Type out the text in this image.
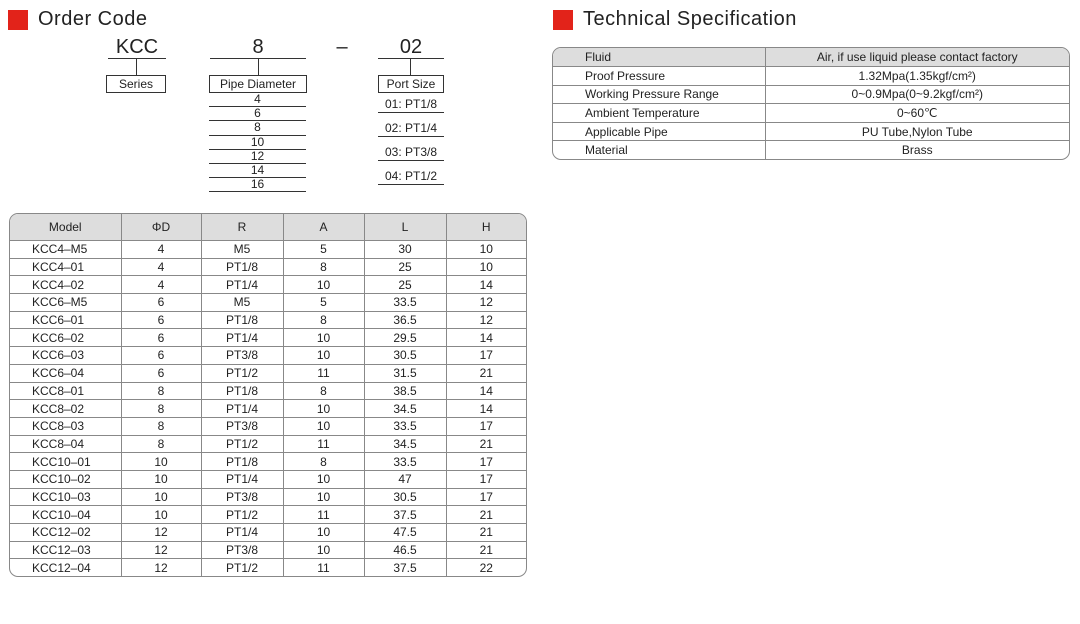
Order Code
KCC
Series
8
Pipe Diameter
4
6
8
10
12
14
16
–	02
Port Size
01: PT1/8
02: PT1/4
03: PT3/8
04: PT1/2
Technical Specification
Fluid	Air, if use liquid please contact factory
Proof Pressure	1.32Mpa(1.35kgf/cm²)
Working Pressure Range	0~0.9Mpa(0~9.2kgf/cm²)
Ambient Temperature	0~60℃
Applicable Pipe	PU Tube,Nylon Tube
Material	Brass
Model	ΦD	R	A	L	H
KCC4–M5	4	M5	5	30	10
KCC4–01	4	PT1/8	8	25	10
KCC4–02	4	PT1/4	10	25	14
KCC6–M5	6	M5	5	33.5	12
KCC6–01	6	PT1/8	8	36.5	12
KCC6–02	6	PT1/4	10	29.5	14
KCC6–03	6	PT3/8	10	30.5	17
KCC6–04	6	PT1/2	11	31.5	21
KCC8–01	8	PT1/8	8	38.5	14
KCC8–02	8	PT1/4	10	34.5	14
KCC8–03	8	PT3/8	10	33.5	17
KCC8–04	8	PT1/2	11	34.5	21
KCC10–01	10	PT1/8	8	33.5	17
KCC10–02	10	PT1/4	10	47	17
KCC10–03	10	PT3/8	10	30.5	17
KCC10–04	10	PT1/2	11	37.5	21
KCC12–02	12	PT1/4	10	47.5	21
KCC12–03	12	PT3/8	10	46.5	21
KCC12–04	12	PT1/2	11	37.5	22
